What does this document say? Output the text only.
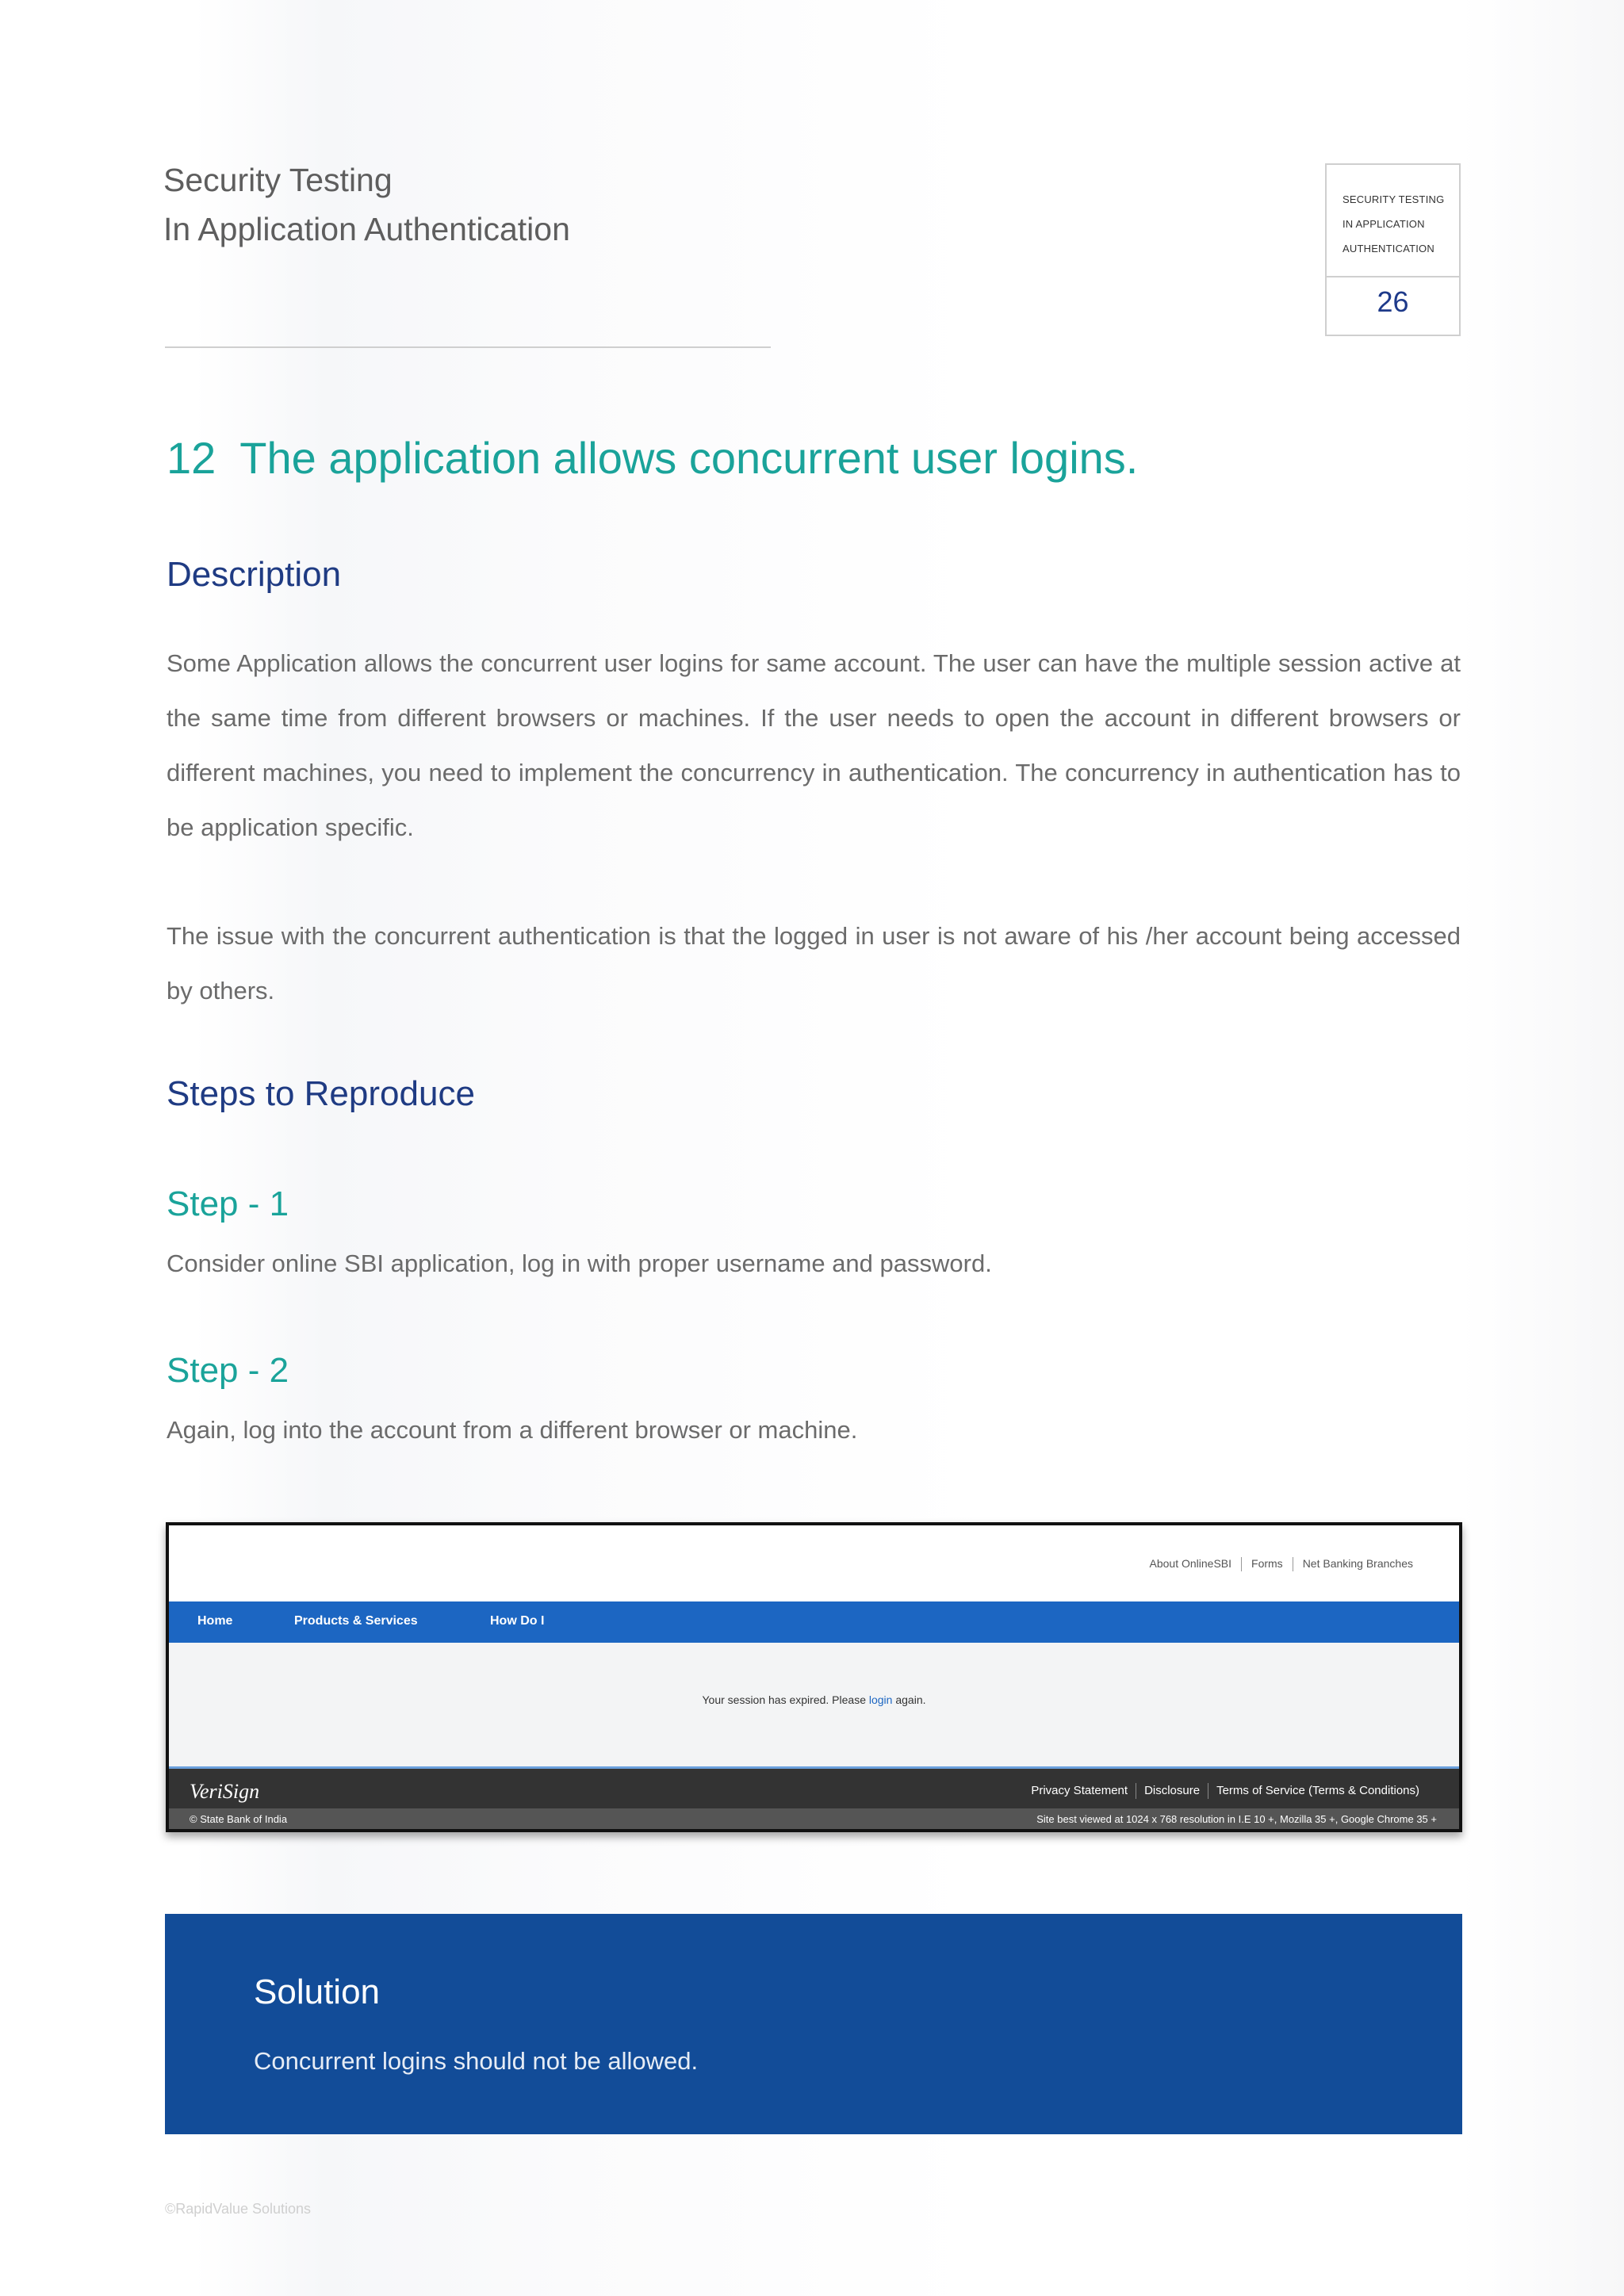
Security Testing
In Application Authentication
SECURITY TESTING
IN APPLICATION
AUTHENTICATION
26
12 The application allows concurrent user logins.
Description

Some Application allows the concurrent user logins for same account. The user can have the multiple session active at the same time from different browsers or machines. If the user needs to open the account in different browsers or different machines, you need to implement the concurrency in authentication. The concurrency in authentication has to be application specific.

The issue with the concurrent authentication is that the logged in user is not aware of his /her account being accessed by others.

Steps to Reproduce
Step - 1
Consider online SBI application, log in with proper username and password.
Step - 2
Again, log into the account from a different browser or machine.
About OnlineSBI Forms Net Banking Branches
Home	Products & Services	How Do I
Your session has expired. Please login again.
VeriSign	Privacy Statement Disclosure Terms of Service (Terms & Conditions)
© State Bank of India	Site best viewed at 1024 x 768 resolution in I.E 10 +, Mozilla 35 +, Google Chrome 35 +
Solution
Concurrent logins should not be allowed.
©RapidValue Solutions
